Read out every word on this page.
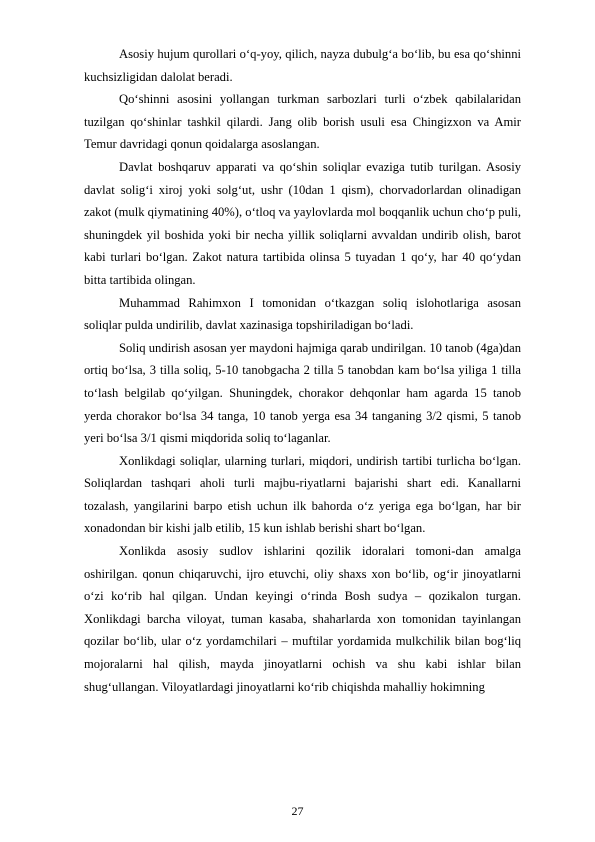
Asosiy hujum qurollari o‘q-yoy, qilich, nayza dubulg‘a bo‘lib, bu esa qo‘shinni kuchsizligidan dalolat beradi.

Qo‘shinni asosini yollangan turkman sarbozlari turli o‘zbek qabilalaridan tuzilgan qo‘shinlar tashkil qilardi. Jang olib borish usuli esa Chingizxon va Amir Temur davridagi qonun qoidalarga asoslangan.

Davlat boshqaruv apparati va qo‘shin soliqlar evaziga tutib turilgan. Asosiy davlat solig‘i xiroj yoki solg‘ut, ushr (10dan 1 qism), chorvadorlardan olinadigan zakot (mulk qiymatining 40%), o‘tloq va yaylovlarda mol boqqanlik uchun cho‘p puli, shuningdek yil boshida yoki bir necha yillik soliqlarni avvaldan undirib olish, barot kabi turlari bo‘lgan. Zakot natura tartibida olinsa 5 tuyadan 1 qo‘y, har 40 qo‘ydan bitta tartibida olingan.

Muhammad Rahimxon I tomonidan o‘tkazgan soliq islohotlariga asosan soliqlar pulda undirilib, davlat xazinasiga topshiriladigan bo‘ladi.

Soliq undirish asosan yer maydoni hajmiga qarab undirilgan. 10 tanob (4ga)dan ortiq bo‘lsa, 3 tilla soliq, 5-10 tanobgacha 2 tilla 5 tanobdan kam bo‘lsa yiliga 1 tilla to‘lash belgilab qo‘yilgan. Shuningdek, chorakor dehqonlar ham agarda 15 tanob yerda chorakor bo‘lsa 34 tanga, 10 tanob yerga esa 34 tanganing 3/2 qismi, 5 tanob yeri bo‘lsa 3/1 qismi miqdorida soliq to‘laganlar.

Xonlikdagi soliqlar, ularning turlari, miqdori, undirish tartibi turlicha bo‘lgan. Soliqlardan tashqari aholi turli majbu-riyatlarni bajarishi shart edi. Kanallarni tozalash, yangilarini barpo etish uchun ilk bahorda o‘z yeriga ega bo‘lgan, har bir xonadondan bir kishi jalb etilib, 15 kun ishlab berishi shart bo‘lgan.

Xonlikda asosiy sudlov ishlarini qozilik idoralari tomoni-dan amalga oshirilgan. qonun chiqaruvchi, ijro etuvchi, oliy shaxs xon bo‘lib, og‘ir jinoyatlarni o‘zi ko‘rib hal qilgan. Undan keyingi o‘rinda Bosh sudya – qozikalon turgan. Xonlikdagi barcha viloyat, tuman kasaba, shaharlarda xon tomonidan tayinlangan qozilar bo‘lib, ular o‘z yordamchilari – muftilar yordamida mulkchilik bilan bog‘liq mojoralarni hal qilish, mayda jinoyatlarni ochish va shu kabi ishlar bilan shug‘ullangan. Viloyatlardagi jinoyatlarni ko‘rib chiqishda mahalliy hokimning

27
